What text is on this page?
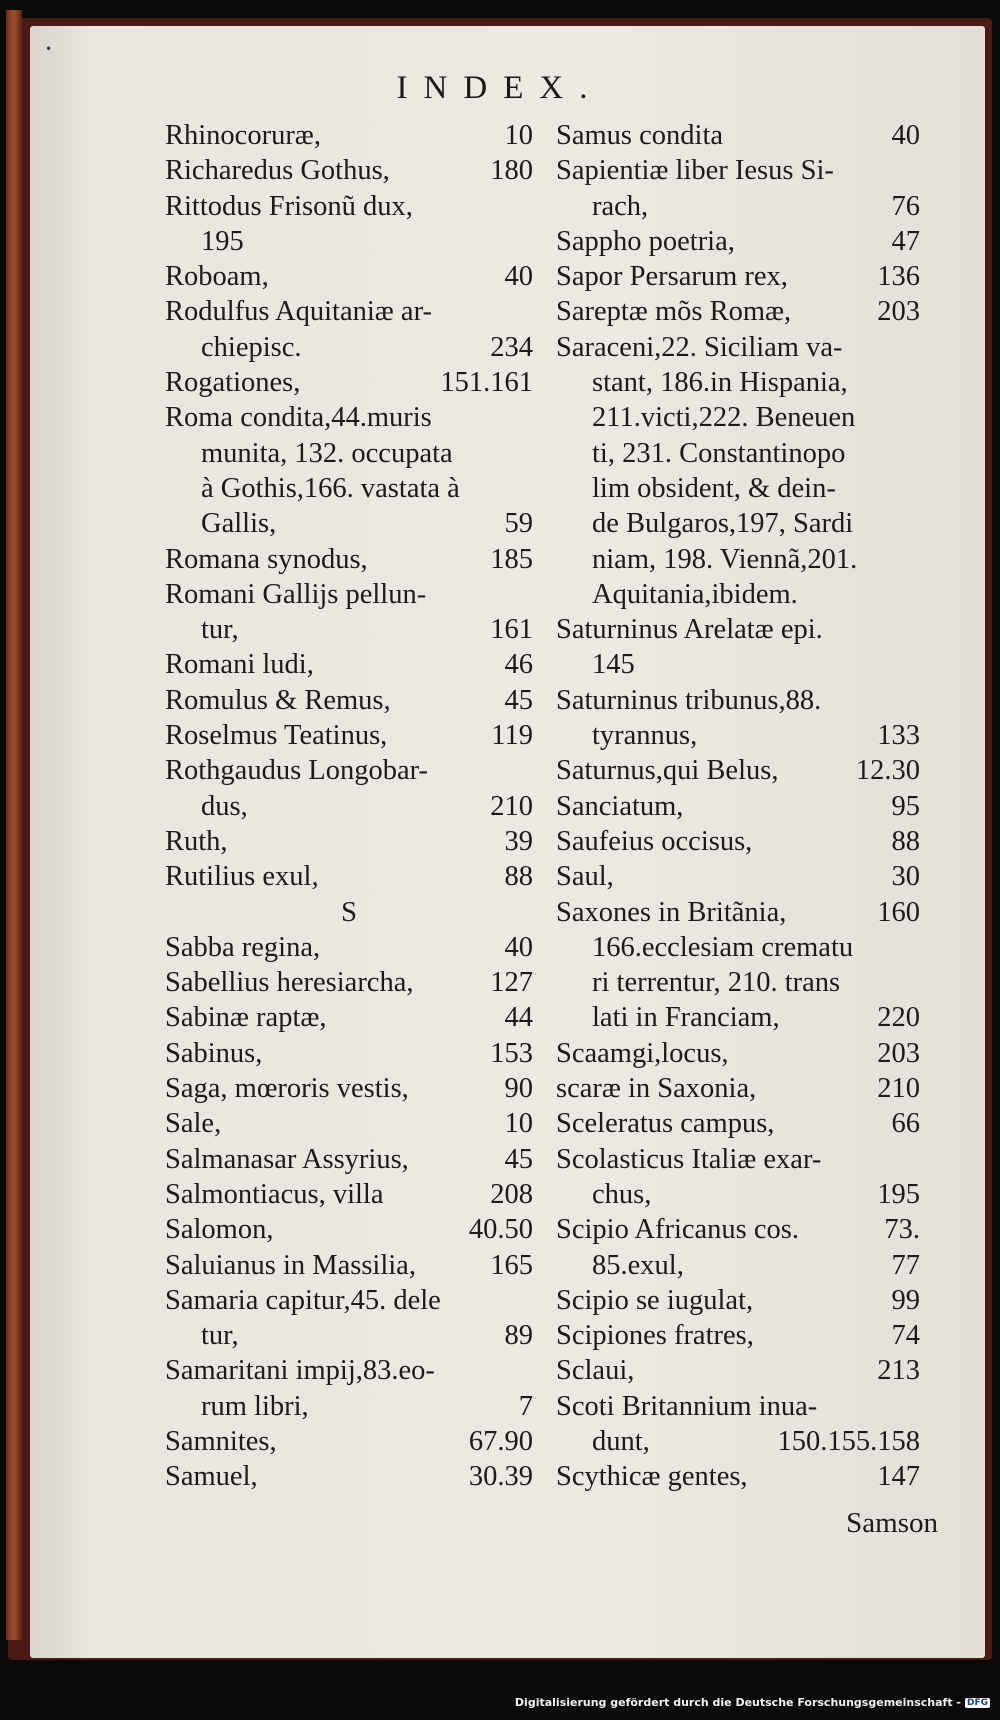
•
INDEX.
Rhinocoruræ,	10
Richaredus Gothus,	180
Rittodus Frisonũ dux,
195
Roboam,	40
Rodulfus Aquitaniæ ar-
chiepisc.	234
Rogationes,	151.161
Roma condita,44.muris
munita, 132. occupata
à Gothis,166. vastata à
Gallis,	59
Romana synodus,	185
Romani Gallijs pellun-
tur,	161
Romani ludi,	46
Romulus & Remus,	45
Roselmus Teatinus,	119
Rothgaudus Longobar-
dus,	210
Ruth,	39
Rutilius exul,	88
S
Sabba regina,	40
Sabellius heresiarcha,	127
Sabinæ raptæ,	44
Sabinus,	153
Saga, mœroris vestis,	90
Sale,	10
Salmanasar Assyrius,	45
Salmontiacus, villa	208
Salomon,	40.50
Saluianus in Massilia,	165
Samaria capitur,45. dele
tur,	89
Samaritani impij,83.eo-
rum libri,	7
Samnites,	67.90
Samuel,	30.39
Samus condita	40
Sapientiæ liber Iesus Si-
rach,	76
Sappho poetria,	47
Sapor Persarum rex,	136
Sareptæ mõs Romæ,	203
Saraceni,22. Siciliam va-
stant, 186.in Hispania,
211.victi,222. Beneuen
ti, 231. Constantinopo
lim obsident, & dein-
de Bulgaros,197, Sardi
niam, 198. Viennã,201.
Aquitania,ibidem.
Saturninus Arelatæ epi.
145
Saturninus tribunus,88.
tyrannus,	133
Saturnus,qui Belus,	12.30
Sanciatum,	95
Saufeius occisus,	88
Saul,	30
Saxones in Britãnia,	160
166.ecclesiam crematu
ri terrentur, 210. trans
lati in Franciam,	220
Scaamgi,locus,	203
scaræ in Saxonia,	210
Sceleratus campus,	66
Scolasticus Italiæ exar-
chus,	195
Scipio Africanus cos.	73.
85.exul,	77
Scipio se iugulat,	99
Scipiones fratres,	74
Sclaui,	213
Scoti Britannium inua-
dunt,	150.155.158
Scythicæ gentes,	147
Samson
Digitalisierung gefördert durch die Deutsche Forschungsgemeinschaft - DFG
